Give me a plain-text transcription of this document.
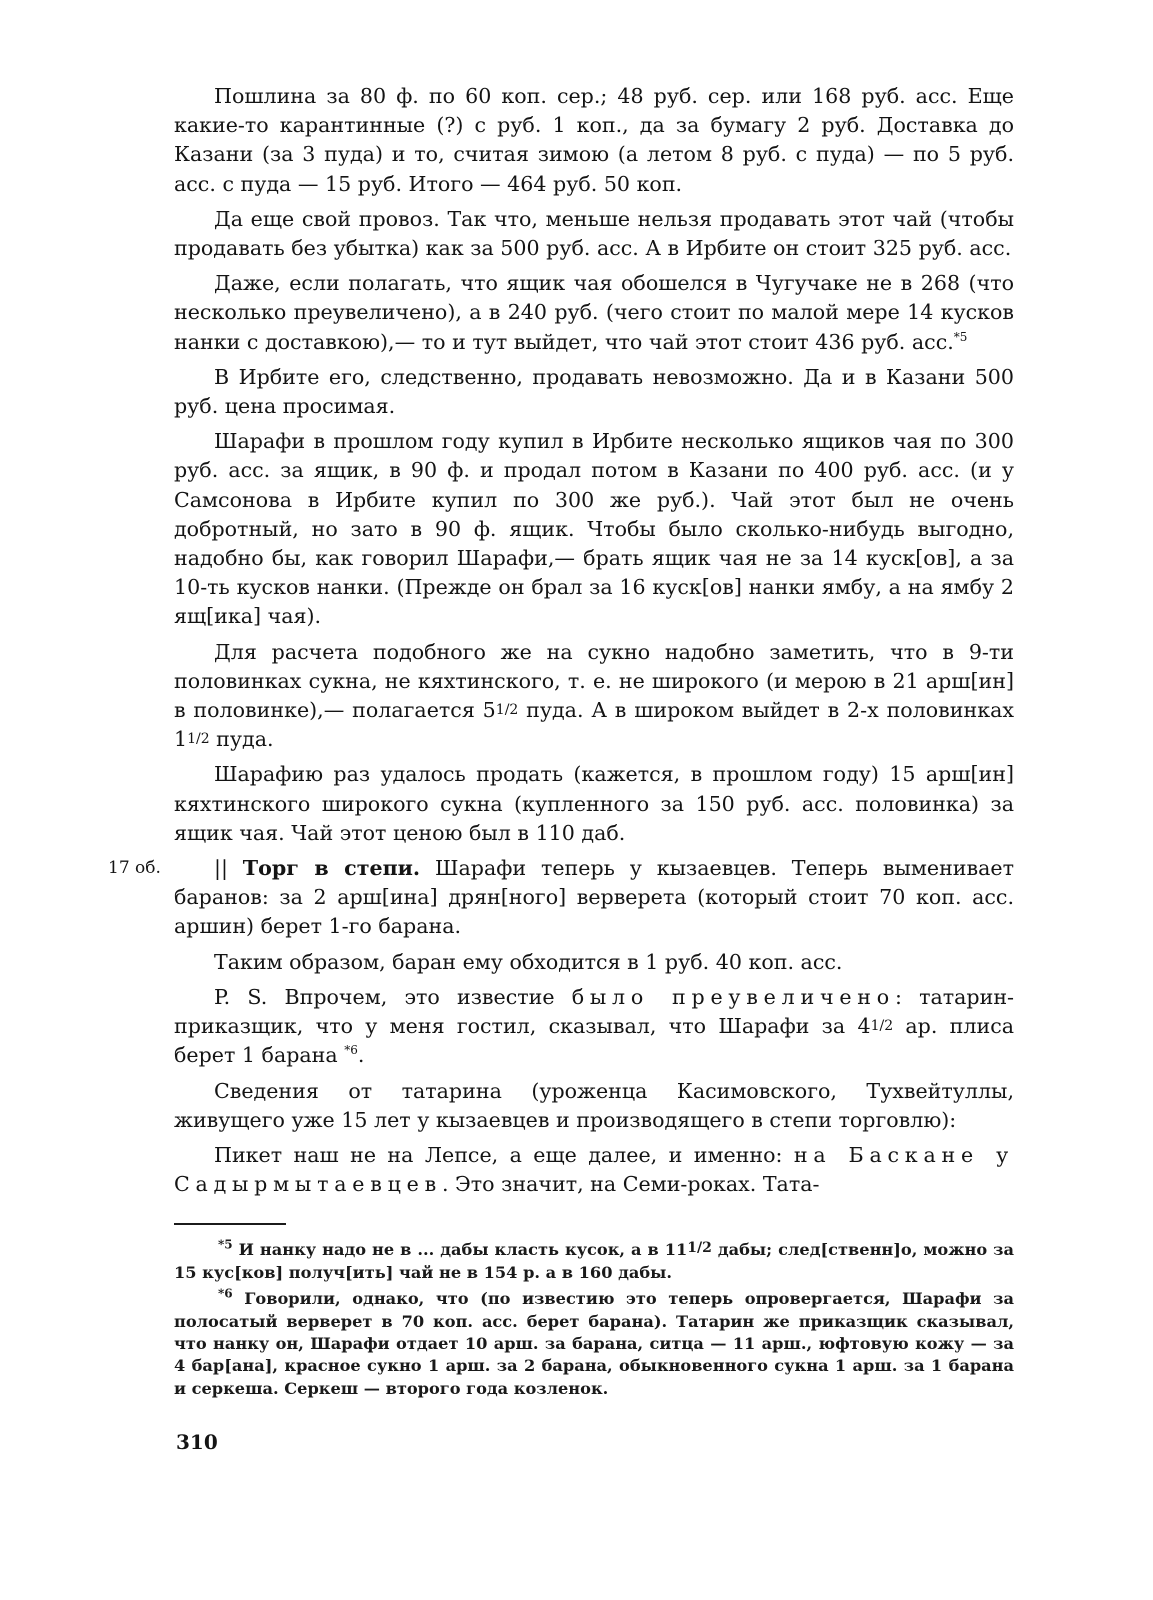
Пошлина за 80 ф. по 60 коп. сер.; 48 руб. сер. или 168 руб. асс. Еще какие-то карантинные (?) с руб. 1 коп., да за бумагу 2 руб. Доставка до Казани (за 3 пуда) и то, считая зимою (а летом 8 руб. с пуда) — по 5 руб. асс. с пуда — 15 руб. Итого — 464 руб. 50 коп.

Да еще свой провоз. Так что, меньше нельзя продавать этот чай (чтобы продавать без убытка) как за 500 руб. асс. А в Ирбите он стоит 325 руб. асс.

Даже, если полагать, что ящик чая обошелся в Чугучаке не в 268 (что несколько преувеличено), а в 240 руб. (чего стоит по малой мере 14 кусков нанки с доставкою),— то и тут выйдет, что чай этот стоит 436 руб. асс.$^{*5}$

В Ирбите его, следственно, продавать невозможно. Да и в Казани 500 руб. цена просимая.

Шарафи в прошлом году купил в Ирбите несколько ящиков чая по 300 руб. асс. за ящик, в 90 ф. и продал потом в Казани по 400 руб. асс. (и у Самсонова в Ирбите купил по 300 же руб.). Чай этот был не очень добротный, но зато в 90 ф. ящик. Чтобы было сколько-нибудь выгодно, надобно бы, как говорил Шарафи,— брать ящик чая не за 14 куск[ов], а за 10-ть кусков нанки. (Прежде он брал за 16 куск[ов] нанки ямбу, а на ямбу 2 ящ[ика] чая).

Для расчета подобного же на сукно надобно заметить, что в 9-ти половинках сукна, не кяхтинского, т. е. не широкого (и мерою в 21 арш[ин] в половинке),— полагается 51/2 пуда. А в широком выйдет в 2-х половинках 11/2 пуда.

Шарафию раз удалось продать (кажется, в прошлом году) 15 арш[ин] кяхтинского широкого сукна (купленного за 150 руб. асс. половинка) за ящик чая. Чай этот ценою был в 110 даб.

17 об.	|| Торг в степи. Шарафи теперь у кызаевцев. Теперь выменивает баранов: за 2 арш[ина] дрян[ного] верверета (который стоит 70 коп. асс. аршин) берет 1-го барана.

Таким образом, баран ему обходится в 1 руб. 40 коп. асс.

P. S. Впрочем, это известие было преувеличено: татарин-приказщик, что у меня гостил, сказывал, что Шарафи за 41/2 ар. плиса берет 1 барана $^{*6}$.

Сведения от татарина (уроженца Касимовского, Тухвейтуллы, живущего уже 15 лет у кызаевцев и производящего в степи торговлю):

Пикет наш не на Лепсе, а еще далее, и именно: на Баскане у Садырмытаевцев. Это значит, на Семи-роках. Тата-

$^{*5}$ И нанку надо не в ... дабы класть кусок, а в 111/2 дабы; след[ственн]о, можно за 15 кус[ков] получ[ить] чай не в 154 р. а в 160 дабы.

$^{*6}$ Говорили, однако, что (по известию это теперь опровергается, Шарафи за полосатый верверет в 70 коп. асс. берет барана). Татарин же приказщик сказывал, что нанку он, Шарафи отдает 10 арш. за барана, ситца — 11 арш., юфтовую кожу — за 4 бар[ана], красное сукно 1 арш. за 2 барана, обыкновенного сукна 1 арш. за 1 барана и серкеша. Серкеш — второго года козленок.

310
